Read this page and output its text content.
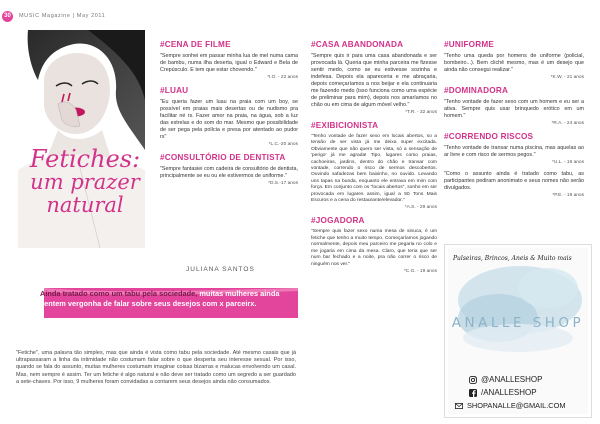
30	MUSIC Magazine | May 2011
Fetiches:
um prazer
natural
#CENA DE FILME

"Sempre sonhei em passar minha lua de mel numa cama de bambu, numa ilha deserta, igual o Edward e Bela de Crepúsculo. E tem que estar chovendo."

*I.O. - 22 anos
#LUAU

"Eu queria fazer um luau na praia com um boy, se possível em praias mais desertas ou de nudismo pra facilitar né rs. Fazer amor na praia, na água, sob a luz das estrelas e do som do mar. Mesmo que possibilidade de ser pega pela polícia e presa por atentado ao pudor rs"

*L.C.-20 anos
#CONSULTÓRIO DE DENTISTA

"Sempre fantasiei com cadeira de consultório de dentista, principalmente se eu ou ele estivermos de uniforme."

*D.S.-17 anos
#CASA ABANDONADA

"Sempre quis ir para uma casa abandonada e ser provocada lá. Queria que minha parceira me fizesse sentir medo, como se eu estivesse sozinha e indefesa. Depois ela apareceria e me abraçaria, depois começaríamos a nos beijar e ela continuaria me fazendo medo (isso funciona como uma espécie de preliminar para mim), depois nos amaríamos no chão ou em cima de algum móvel velho."

*T.R. - 32 anos
#EXIBICIONISTA

"Tenho vontade de fazer sexo em locais abertos, so a tensão de ser vista já me deixa super excitada. Obviamente que não quero ser vista, só a sensação de 'perigo' já me agrada! Tipo, lugares como praias, cachoeiras, jardins, dentro do chão e transar com vontade, correndo o risco de sermos descobertos. Ouvindo safadezas bem baixinho, no ouvido. Levando uns tapas na bunda, enquanto ele entrava em mim com força. Em conjunto com os "locais abertos", sonho em ser provocada em lugares assim, igual a 50 Tons Mais Escuros e a cena do restaurante/elevador."

*A.S. - 29 anos
#JOGADORA

"Sempre quis fazer sexo numa mesa de sinuca, é um fetiche que tenho a muito tempo. Começaríamos jogando normalmente, depois meu parceiro me pegaria no colo e me jogaria em cima da mesa. Claro, que teria que ser num bar fechado e a noite, pra não correr o risco de ninguém nos ver."

*C.G. - 19 anos
#UNIFORME

"Tenho uma queda por homens de uniforme (policial, bombeiro...). Bem clichê mesmo, mas é um desejo que ainda não consegui realizar."

*K.W. - 21 anos
#DOMINADORA

"Tenho vontade de fazer sexo com um homem e eu ser a ativa. Sempre quis usar brinquedo erótico em um homem."

*R.A. - 24 anos
#CORRENDO RISCOS

"Tenho vontade de transar numa piscina, mas aquelas ao ar livre e com risco de sermos pegos."

*U.L. - 16 anos

"Como o assunto ainda é tratado como tabu, as participantes pediram anonimato e seus nomes não serão divulgados.

*P.E. - 19 anos
JULIANA SANTOS
Ainda tratado como um tabu pela sociedade, muitas mulheres ainda sentem vergonha de falar sobre seus desejos com x parceirx.
"Fetiche", uma palavra tão simples, mas que ainda é vista como tabu pela sociedade. Até mesmo casais que já ultrapassaram a linha da intimidade não costumam falar sobre o que desperta seu interesse sexual. Por isso, quando se fala do assunto, muitas mulheres costumam imaginar coisas bizarras e malucas envolvendo um casal. Mas, nem sempre é assim. Ter um fetiche é algo natural e não deve ser tratado como um segredo a ser guardado a sete-chaves. Por isso, 9 mulheres foram convidadas a contarem seus desejos ainda não consumados.
Pulseiras, Brincos, Aneis & Muito mais
ANALLE SHOP
@ANALLESHOP
/ANALLESHOP
SHOPANALLE@GMAIL.COM
